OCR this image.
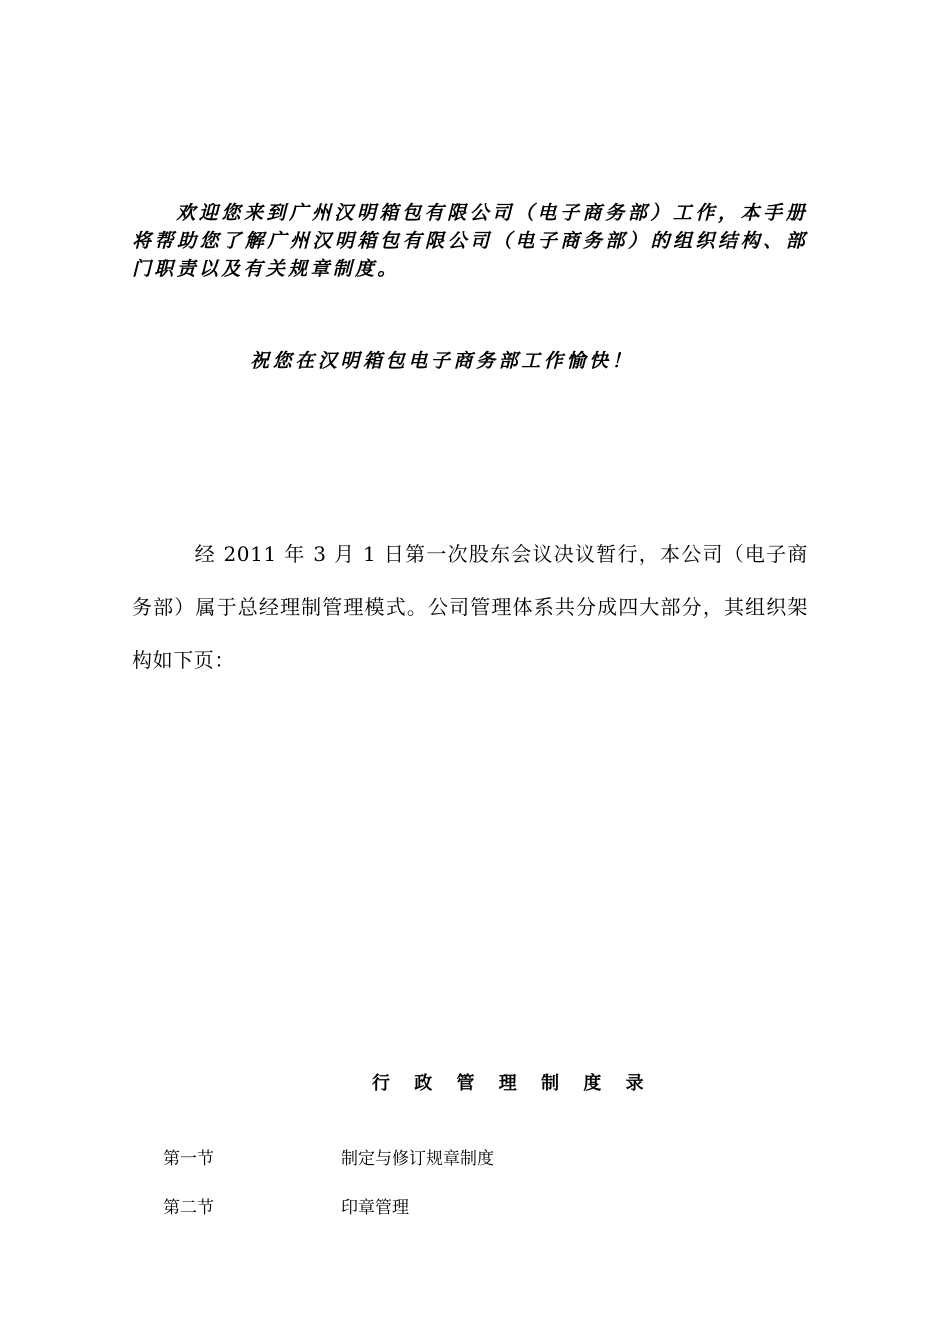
欢迎您来到广州汉明箱包有限公司（电子商务部）工作，本手册将帮助您了解广州汉明箱包有限公司（电子商务部）的组织结构、部门职责以及有关规章制度。

祝您在汉明箱包电子商务部工作愉快！

经 2011 年 3 月 1 日第一次股东会议决议暂行，本公司（电子商务部）属于总经理制管理模式。公司管理体系共分成四大部分，其组织架构如下页：

行 政 管 理 制 度 录
第一节	制定与修订规章制度
第二节	印章管理
